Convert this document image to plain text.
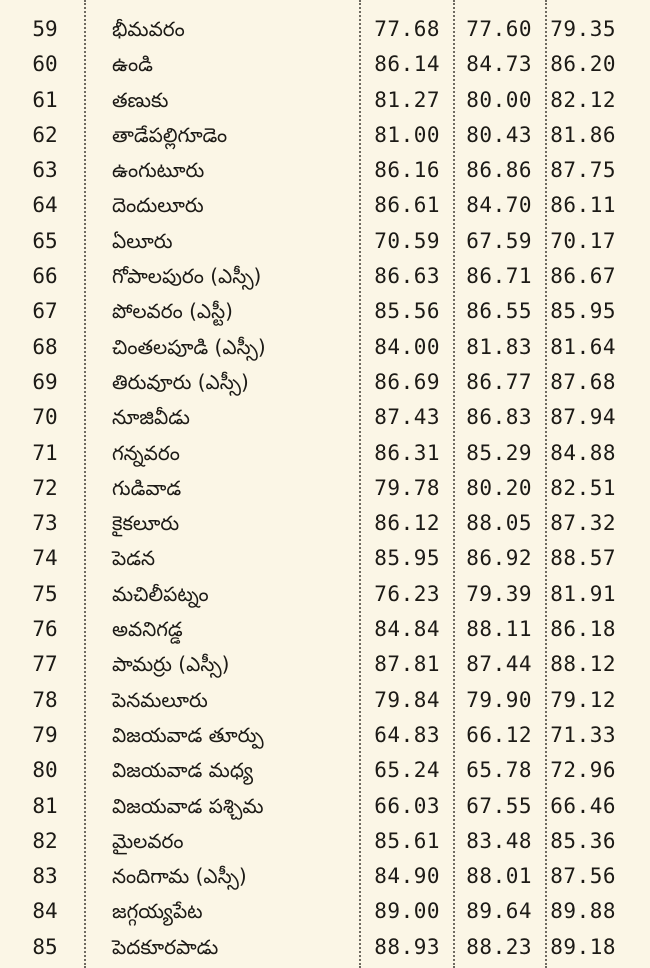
59	భీమవరం	77.68 77.60 79.35
60	ఉండి	86.14 84.73 86.20
61	తణుకు	81.27 80.00 82.12
62	తాడేపల్లిగూడెం	81.00 80.43 81.86
63	ఉంగుటూరు	86.16 86.86 87.75
64	దెందులూరు	86.61 84.70 86.11
65	ఏలూరు	70.59 67.59 70.17
66	గోపాలపురం (ఎస్సీ)	86.63 86.71 86.67
67	పోలవరం (ఎస్టీ)	85.56 86.55 85.95
68	చింతలపూడి (ఎస్సీ)	84.00 81.83 81.64
69	తిరువూరు (ఎస్సీ)	86.69 86.77 87.68
70	నూజివీడు	87.43 86.83 87.94
71	గన్నవరం	86.31 85.29 84.88
72	గుడివాడ	79.78 80.20 82.51
73	కైకలూరు	86.12 88.05 87.32
74	పెడన	85.95 86.92 88.57
75	మచిలీపట్నం	76.23 79.39 81.91
76	అవనిగడ్డ	84.84 88.11 86.18
77	పామర్రు (ఎస్సీ)	87.81 87.44 88.12
78	పెనమలూరు	79.84 79.90 79.12
79	విజయవాడ తూర్పు	64.83 66.12 71.33
80	విజయవాడ మధ్య	65.24 65.78 72.96
81	విజయవాడ పశ్చిమ	66.03 67.55 66.46
82	మైలవరం	85.61 83.48 85.36
83	నందిగామ (ఎస్సీ)	84.90 88.01 87.56
84	జగ్గయ్యపేట	89.00 89.64 89.88
85	పెదకూరపాడు	88.93 88.23 89.18
